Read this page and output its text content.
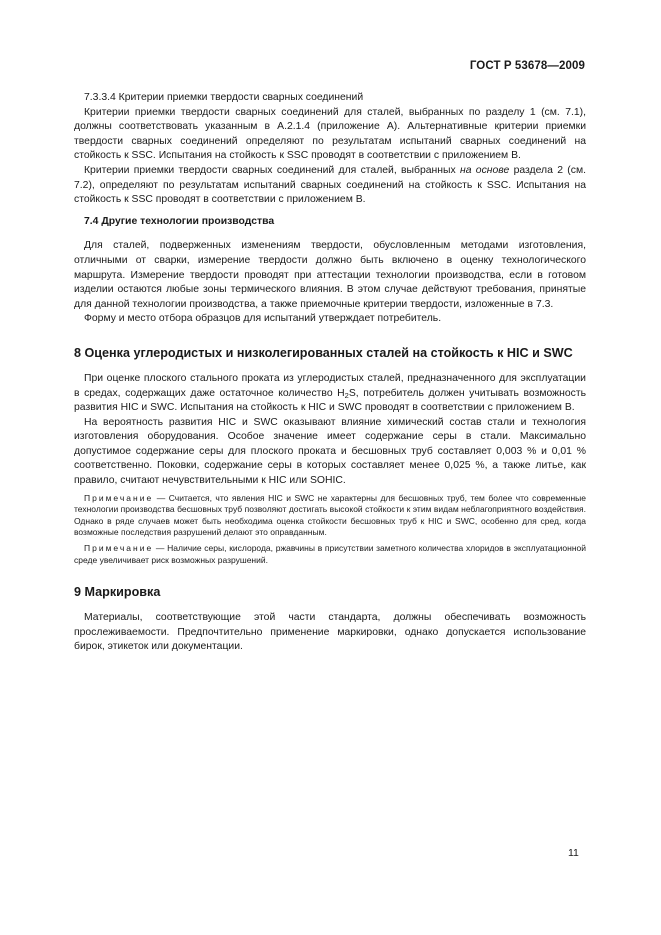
ГОСТ Р 53678—2009

7.3.3.4 Критерии приемки твердости сварных соединений

Критерии приемки твердости сварных соединений для сталей, выбранных по разделу 1 (см. 7.1), должны соответствовать указанным в А.2.1.4 (приложение А). Альтернативные критерии приемки твердости сварных соединений определяют по результатам испытаний сварных соединений на стойкость к SSC. Испытания на стойкость к SSC проводят в соответствии с приложением В.

Критерии приемки твердости сварных соединений для сталей, выбранных на основе раздела 2 (см. 7.2), определяют по результатам испытаний сварных соединений на стойкость к SSC. Испытания на стойкость к SSC проводят в соответствии с приложением В.

7.4 Другие технологии производства

Для сталей, подверженных изменениям твердости, обусловленным методами изготовления, отличными от сварки, измерение твердости должно быть включено в оценку технологического маршрута. Измерение твердости проводят при аттестации технологии производства, если в готовом изделии остаются любые зоны термического влияния. В этом случае действуют требования, принятые для данной технологии производства, а также приемочные критерии твердости, изложенные в 7.3.

Форму и место отбора образцов для испытаний утверждает потребитель.

8 Оценка углеродистых и низколегированных сталей на стойкость к HIC и SWC

При оценке плоского стального проката из углеродистых сталей, предназначенного для эксплуатации в средах, содержащих даже остаточное количество $H_2S$, потребитель должен учитывать возможность развития HIC и SWC. Испытания на стойкость к HIC и SWC проводят в соответствии с приложением В.

На вероятность развития HIC и SWC оказывают влияние химический состав стали и технология изготовления оборудования. Особое значение имеет содержание серы в стали. Максимально допустимое содержание серы для плоского проката и бесшовных труб составляет 0,003 % и 0,01 % соответственно. Поковки, содержание серы в которых составляет менее 0,025 %, а также литье, как правило, считают нечувствительными к HIC или SOHIC.

Примечание — Считается, что явления HIC и SWC не характерны для бесшовных труб, тем более что современные технологии производства бесшовных труб позволяют достигать высокой стойкости к этим видам неблагоприятного воздействия. Однако в ряде случаев может быть необходима оценка стойкости бесшовных труб к HIC и SWC, особенно для сред, когда возможные последствия разрушений делают это оправданным.

Примечание — Наличие серы, кислорода, ржавчины в присутствии заметного количества хлоридов в эксплуатационной среде увеличивает риск возможных разрушений.

9 Маркировка

Материалы, соответствующие этой части стандарта, должны обеспечивать возможность прослеживаемости. Предпочтительно применение маркировки, однако допускается использование бирок, этикеток или документации.

11
